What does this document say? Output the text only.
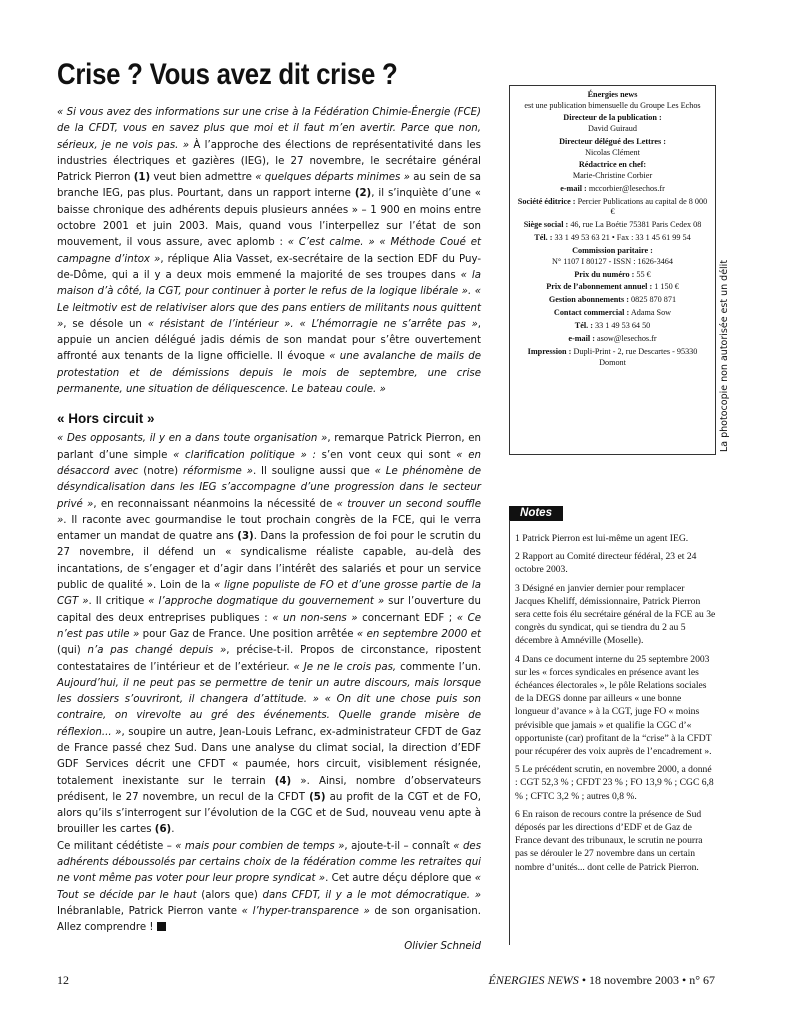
Crise ? Vous avez dit crise ?

« Si vous avez des informations sur une crise à la Fédération Chimie-Énergie (FCE) de la CFDT, vous en savez plus que moi et il faut m’en avertir. Parce que non, sérieux, je ne vois pas. » À l’approche des élections de représentativité dans les industries électriques et gazières (IEG), le 27 novembre, le secrétaire général Patrick Pierron (1) veut bien admettre « quelques départs minimes » au sein de sa branche IEG, pas plus. Pourtant, dans un rapport interne (2), il s’inquiète d’une « baisse chronique des adhérents depuis plusieurs années » – 1 900 en moins entre octobre 2001 et juin 2003. Mais, quand vous l’interpellez sur l’état de son mouvement, il vous assure, avec aplomb : « C’est calme. » « Méthode Coué et campagne d’intox », réplique Alia Vasset, ex-secrétaire de la section EDF du Puy-de-Dôme, qui a il y a deux mois emmené la majorité de ses troupes dans « la maison d’à côté, la CGT, pour continuer à porter le refus de la logique libérale ». « Le leitmotiv est de relativiser alors que des pans entiers de militants nous quittent », se désole un « résistant de l’intérieur ». « L’hémorragie ne s’arrête pas », appuie un ancien délégué jadis démis de son mandat pour s’être ouvertement affronté aux tenants de la ligne officielle. Il évoque « une avalanche de mails de protestation et de démissions depuis le mois de septembre, une crise permanente, une situation de déliquescence. Le bateau coule. »

« Hors circuit »

« Des opposants, il y en a dans toute organisation », remarque Patrick Pierron, en parlant d’une simple « clarification politique » : s’en vont ceux qui sont « en désaccord avec (notre) réformisme ». Il souligne aussi que « Le phénomène de désyndicalisation dans les IEG s’accompagne d’une progression dans le secteur privé », en reconnaissant néanmoins la nécessité de « trouver un second souffle ». Il raconte avec gourmandise le tout prochain congrès de la FCE, qui le verra entamer un mandat de quatre ans (3). Dans la profession de foi pour le scrutin du 27 novembre, il défend un « syndicalisme réaliste capable, au-delà des incantations, de s’engager et d’agir dans l’intérêt des salariés et pour un service public de qualité ». Loin de la « ligne populiste de FO et d’une grosse partie de la CGT ». Il critique « l’approche dogmatique du gouvernement » sur l’ouverture du capital des deux entreprises publiques : « un non-sens » concernant EDF ; « Ce n’est pas utile » pour Gaz de France. Une position arrêtée « en septembre 2000 et (qui) n’a pas changé depuis », précise-t-il. Propos de circonstance, ripostent contestataires de l’intérieur et de l’extérieur. « Je ne le crois pas, commente l’un. Aujourd’hui, il ne peut pas se permettre de tenir un autre discours, mais lorsque les dossiers s’ouvriront, il changera d’attitude. » « On dit une chose puis son contraire, on virevolte au gré des événements. Quelle grande misère de réflexion... », soupire un autre, Jean-Louis Lefranc, ex-administrateur CFDT de Gaz de France passé chez Sud. Dans une analyse du climat social, la direction d’EDF GDF Services décrit une CFDT « paumée, hors circuit, visiblement résignée, totalement inexistante sur le terrain (4) ». Ainsi, nombre d’observateurs prédisent, le 27 novembre, un recul de la CFDT (5) au profit de la CGT et de FO, alors qu’ils s’interrogent sur l’évolution de la CGC et de Sud, nouveau venu apte à brouiller les cartes (6).

Ce militant cédétiste – « mais pour combien de temps », ajoute-t-il – connaît « des adhérents déboussolés par certains choix de la fédération comme les retraites qui ne vont même pas voter pour leur propre syndicat ». Cet autre déçu déplore que « Tout se décide par le haut (alors que) dans CFDT, il y a le mot démocratique. » Inébranlable, Patrick Pierron vante « l’hyper-transparence » de son organisation. Allez comprendre !

Olivier Schneid

Énergies news
est une publication bimensuelle du Groupe Les Echos
Directeur de la publication :
David Guiraud
Directeur délégué des Lettres :
Nicolas Clément
Rédactrice en chef:
Marie-Christine Corbier
e-mail : mccorbier@lesechos.fr
Société éditrice : Percier Publications au capital de 8 000 €
Siège social : 46, rue La Boétie 75381 Paris Cedex 08
Tél. : 33 1 49 53 63 21 • Fax : 33 1 45 61 99 54
Commission paritaire :
N° 1107 I 80127 - ISSN : 1626-3464
Prix du numéro : 55 €
Prix de l’abonnement annuel : 1 150 €
Gestion abonnements : 0825 870 871
Contact commercial : Adama Sow
Tél. : 33 1 49 53 64 50
e-mail : asow@lesechos.fr
Impression : Dupli-Print - 2, rue Descartes - 95330 Domont	La photocopie non autorisée est un délit
Notes
1 Patrick Pierron est lui-même un agent IEG.
2 Rapport au Comité directeur fédéral, 23 et 24 octobre 2003.
3 Désigné en janvier dernier pour remplacer Jacques Kheliff, démissionnaire, Patrick Pierron sera cette fois élu secrétaire général de la FCE au 3e congrès du syndicat, qui se tiendra du 2 au 5 décembre à Amnéville (Moselle).
4 Dans ce document interne du 25 septembre 2003 sur les « forces syndicales en présence avant les échéances électorales », le pôle Relations sociales de la DEGS donne par ailleurs « une bonne longueur d’avance » à la CGT, juge FO « moins prévisible que jamais » et qualifie la CGC d’« opportuniste (car) profitant de la “crise” à la CFDT pour récupérer des voix auprès de l’encadrement ».
5 Le précédent scrutin, en novembre 2000, a donné : CGT 52,3 % ; CFDT 23 % ; FO 13,9 % ; CGC 6,8 % ; CFTC 3,2 % ; autres 0,8 %.
6 En raison de recours contre la présence de Sud déposés par les directions d’EDF et de Gaz de France devant des tribunaux, le scrutin ne pourra pas se dérouler le 27 novembre dans un certain nombre d’unités... dont celle de Patrick Pierron.
12	ÉNERGIES NEWS • 18 novembre 2003 • n° 67
